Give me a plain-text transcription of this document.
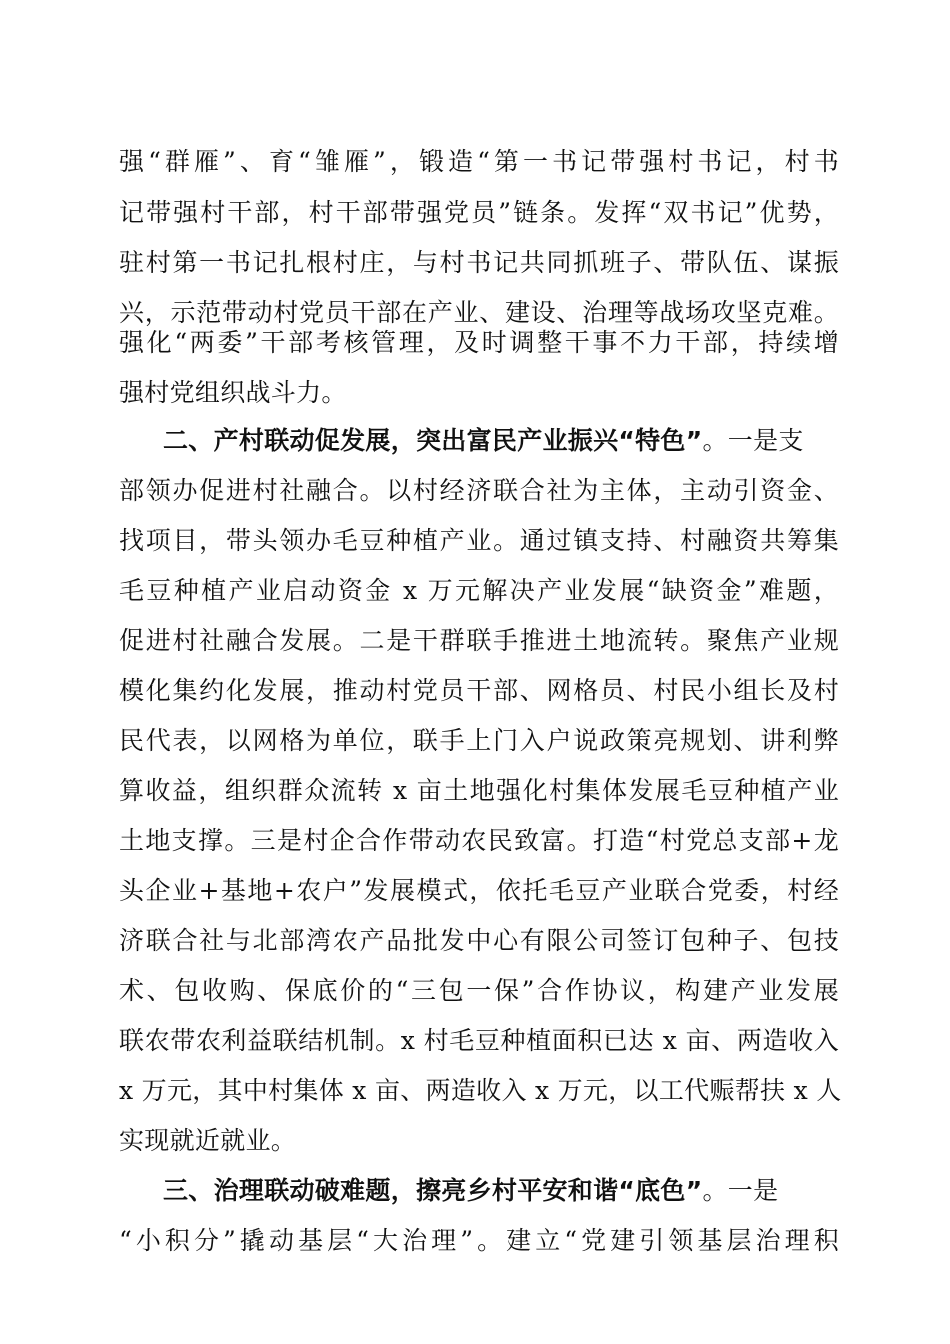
强“群雁”、育“雏雁”，锻造“第一书记带强村书记，村书
记带强村干部，村干部带强党员”链条。发挥“双书记”优势，
驻村第一书记扎根村庄，与村书记共同抓班子、带队伍、谋振
兴，示范带动村党员干部在产业、建设、治理等战场攻坚克难。
强化“两委”干部考核管理，及时调整干事不力干部，持续增
强村党组织战斗力。
二、产村联动促发展，突出富民产业振兴“特色”。一是支
部领办促进村社融合。以村经济联合社为主体，主动引资金、
找项目，带头领办毛豆种植产业。通过镇支持、村融资共筹集
毛豆种植产业启动资金 x 万元解决产业发展“缺资金”难题，
促进村社融合发展。二是干群联手推进土地流转。聚焦产业规
模化集约化发展，推动村党员干部、网格员、村民小组长及村
民代表，以网格为单位，联手上门入户说政策亮规划、讲利弊
算收益，组织群众流转 x 亩土地强化村集体发展毛豆种植产业
土地支撑。三是村企合作带动农民致富。打造“村党总支部+龙
头企业+基地+农户”发展模式，依托毛豆产业联合党委，村经
济联合社与北部湾农产品批发中心有限公司签订包种子、包技
术、包收购、保底价的“三包一保”合作协议，构建产业发展
联农带农利益联结机制。x 村毛豆种植面积已达 x 亩、两造收入
x 万元，其中村集体 x 亩、两造收入 x 万元，以工代赈帮扶 x 人
实现就近就业。
三、治理联动破难题，擦亮乡村平安和谐“底色”。一是
“小积分”撬动基层“大治理”。建立“党建引领基层治理积
